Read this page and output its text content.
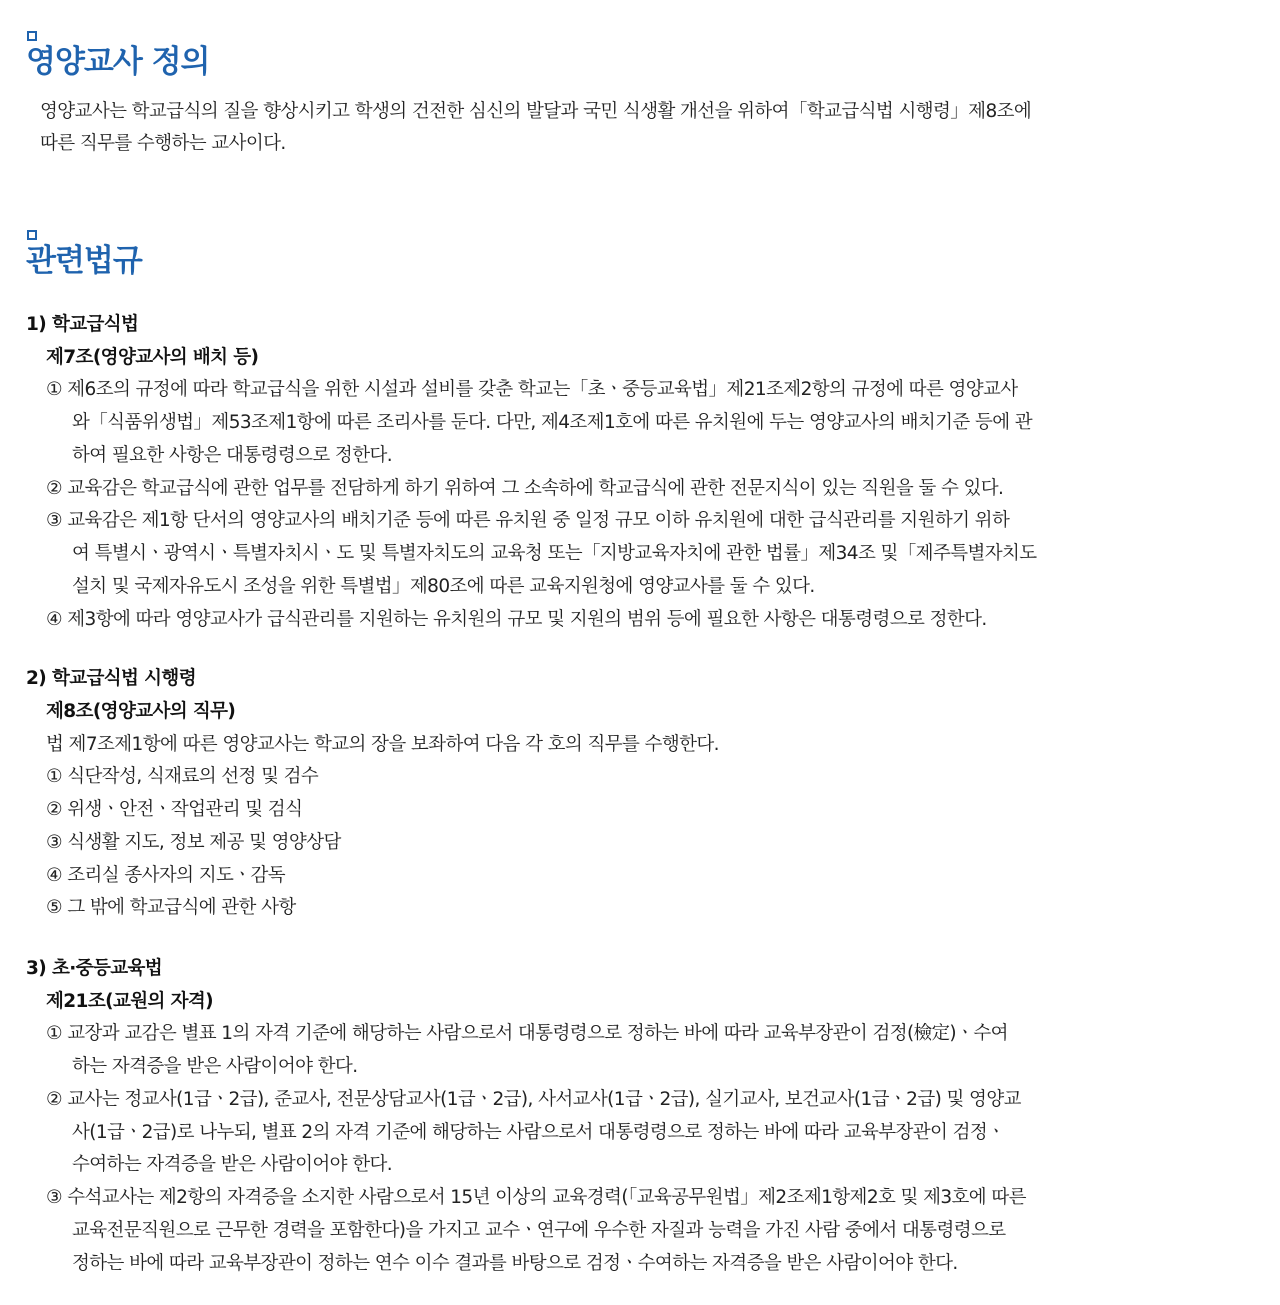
영양교사 정의

영양교사는 학교급식의 질을 향상시키고 학생의 건전한 심신의 발달과 국민 식생활 개선을 위하여「학교급식법 시행령」제8조에

따른 직무를 수행하는 교사이다.

관련법규

1) 학교급식법

제7조(영양교사의 배치 등)

① 제6조의 규정에 따라 학교급식을 위한 시설과 설비를 갖춘 학교는「초ㆍ중등교육법」제21조제2항의 규정에 따른 영양교사

와「식품위생법」제53조제1항에 따른 조리사를 둔다. 다만, 제4조제1호에 따른 유치원에 두는 영양교사의 배치기준 등에 관

하여 필요한 사항은 대통령령으로 정한다.

② 교육감은 학교급식에 관한 업무를 전담하게 하기 위하여 그 소속하에 학교급식에 관한 전문지식이 있는 직원을 둘 수 있다.

③ 교육감은 제1항 단서의 영양교사의 배치기준 등에 따른 유치원 중 일정 규모 이하 유치원에 대한 급식관리를 지원하기 위하

여 특별시ㆍ광역시ㆍ특별자치시ㆍ도 및 특별자치도의 교육청 또는「지방교육자치에 관한 법률」제34조 및「제주특별자치도

설치 및 국제자유도시 조성을 위한 특별법」제80조에 따른 교육지원청에 영양교사를 둘 수 있다.

④ 제3항에 따라 영양교사가 급식관리를 지원하는 유치원의 규모 및 지원의 범위 등에 필요한 사항은 대통령령으로 정한다.

2) 학교급식법 시행령

제8조(영양교사의 직무)

법 제7조제1항에 따른 영양교사는 학교의 장을 보좌하여 다음 각 호의 직무를 수행한다.

① 식단작성, 식재료의 선정 및 검수

② 위생ㆍ안전ㆍ작업관리 및 검식

③ 식생활 지도, 정보 제공 및 영양상담

④ 조리실 종사자의 지도ㆍ감독

⑤ 그 밖에 학교급식에 관한 사항

3) 초·중등교육법

제21조(교원의 자격)

① 교장과 교감은 별표 1의 자격 기준에 해당하는 사람으로서 대통령령으로 정하는 바에 따라 교육부장관이 검정(檢定)ㆍ수여

하는 자격증을 받은 사람이어야 한다.

② 교사는 정교사(1급ㆍ2급), 준교사, 전문상담교사(1급ㆍ2급), 사서교사(1급ㆍ2급), 실기교사, 보건교사(1급ㆍ2급) 및 영양교

사(1급ㆍ2급)로 나누되, 별표 2의 자격 기준에 해당하는 사람으로서 대통령령으로 정하는 바에 따라 교육부장관이 검정ㆍ

수여하는 자격증을 받은 사람이어야 한다.

③ 수석교사는 제2항의 자격증을 소지한 사람으로서 15년 이상의 교육경력(「교육공무원법」제2조제1항제2호 및 제3호에 따른

교육전문직원으로 근무한 경력을 포함한다)을 가지고 교수ㆍ연구에 우수한 자질과 능력을 가진 사람 중에서 대통령령으로

정하는 바에 따라 교육부장관이 정하는 연수 이수 결과를 바탕으로 검정ㆍ수여하는 자격증을 받은 사람이어야 한다.
